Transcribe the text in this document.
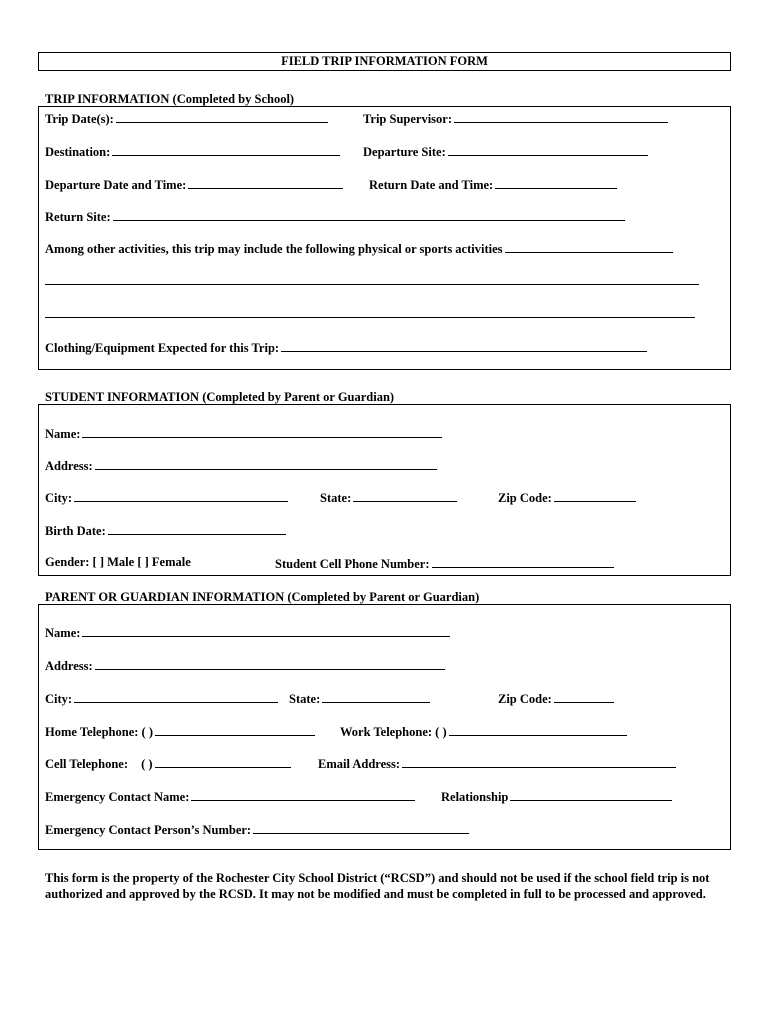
FIELD TRIP INFORMATION FORM
TRIP INFORMATION (Completed by School)
Trip Date(s):	Trip Supervisor:
Destination:	Departure Site:
Departure Date and Time:	Return Date and Time:
Return Site:
Among other activities, this trip may include the following physical or sports activities
Clothing/Equipment Expected for this Trip:
STUDENT INFORMATION (Completed by Parent or Guardian)
Name:
Address:
City:	State:	Zip Code:
Birth Date:
Gender: [ ] Male [ ] Female	Student Cell Phone Number:
PARENT OR GUARDIAN INFORMATION (Completed by Parent or Guardian)
Name:
Address:
City:	State:	Zip Code:
Home Telephone: ( )	Work Telephone: ( )
Cell Telephone: ( )	Email Address:
Emergency Contact Name:	Relationship
Emergency Contact Person’s Number:
This form is the property of the Rochester City School District (“RCSD”) and should not be used if the school field trip is not authorized and approved by the RCSD. It may not be modified and must be completed in full to be processed and approved.
